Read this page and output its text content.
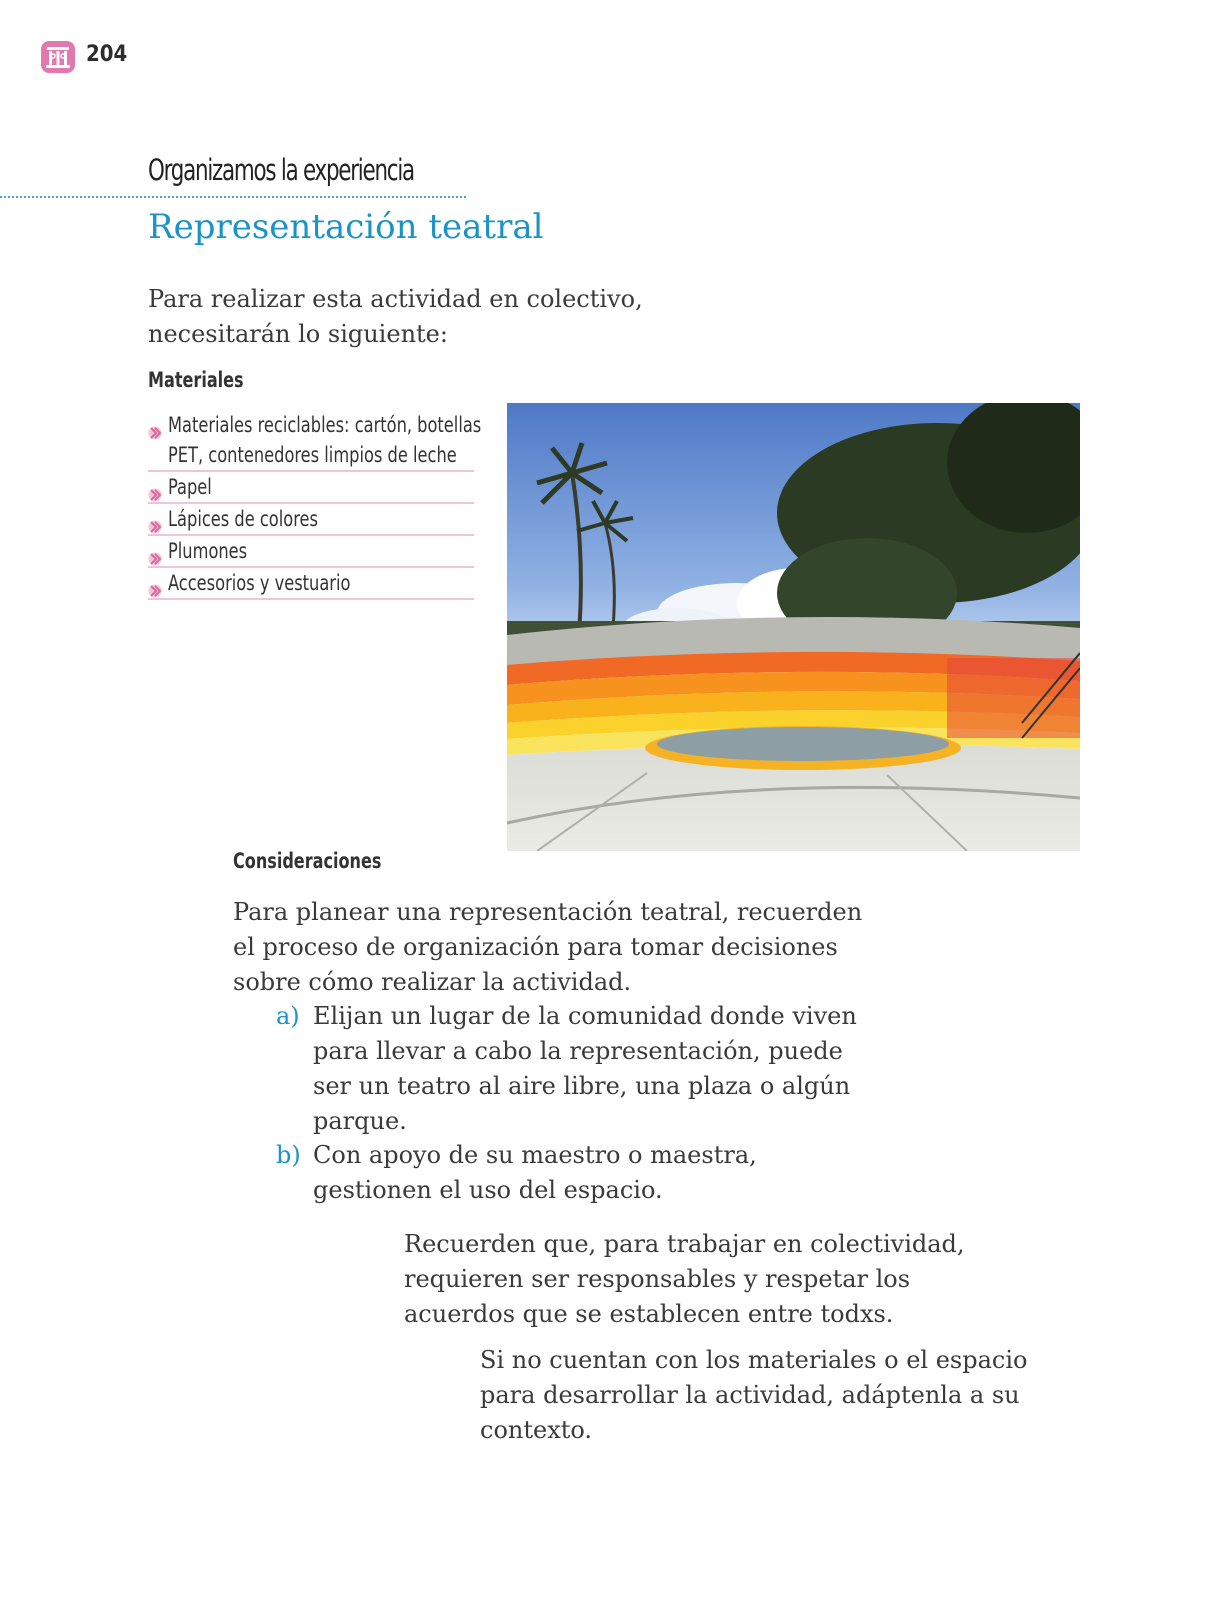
204
Organizamos la experiencia
Representación teatral
Para realizar esta actividad en colectivo, necesitarán lo siguiente:
Materiales
Materiales reciclables: cartón, botellas
PET, contenedores limpios de leche
Papel
Lápices de colores
Plumones
Accesorios y vestuario
Consideraciones
Para planear una representación teatral, recuerden el proceso de organización para tomar decisiones sobre cómo realizar la actividad.
a) Elijan un lugar de la comunidad donde viven para llevar a cabo la representación, puede ser un teatro al aire libre, una plaza o algún parque.
b) Con apoyo de su maestro o maestra, gestionen el uso del espacio.
Recuerden que, para trabajar en colectividad, requieren ser responsables y respetar los acuerdos que se establecen entre todxs.
Si no cuentan con los materiales o el espacio para desarrollar la actividad, adáptenla a su contexto.
